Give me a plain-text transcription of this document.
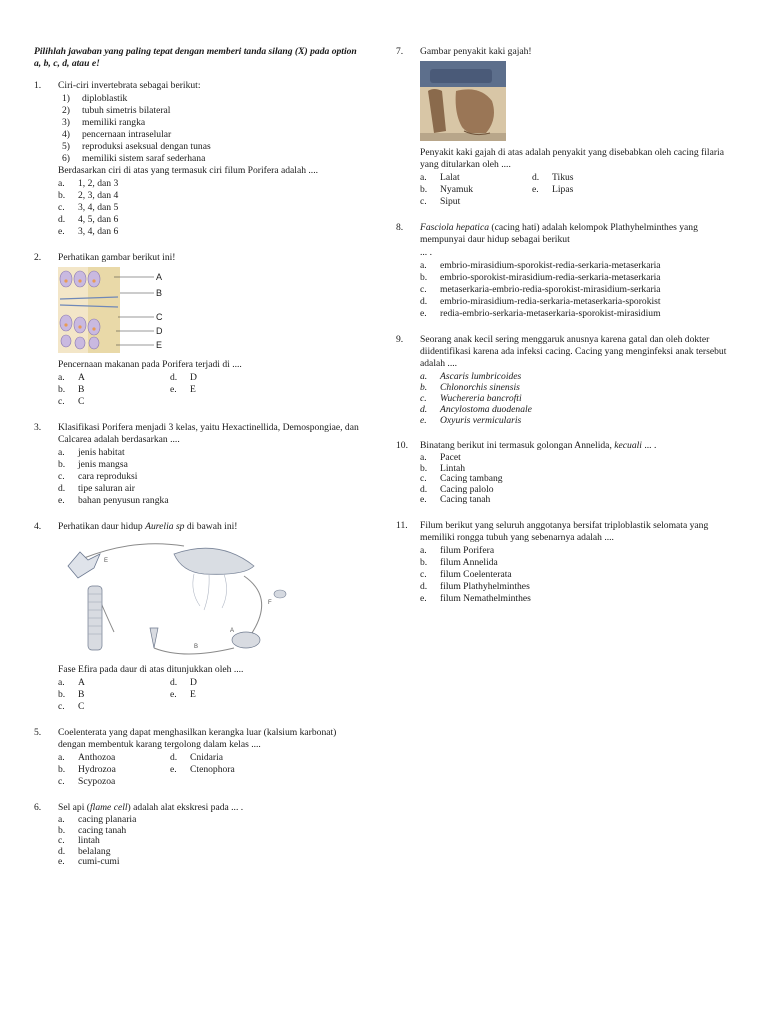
Pilihlah jawaban yang paling tepat dengan memberi tanda silang (X) pada option a, b, c, d, atau e!
1.	Ciri-ciri invertebrata sebagai berikut:
1)	diploblastik
2)	tubuh simetris bilateral
3)	memiliki rangka
4)	pencernaan intraselular
5)	reproduksi aseksual dengan tunas
6)	memiliki sistem saraf sederhana
Berdasarkan ciri di atas yang termasuk ciri filum Porifera adalah ....
a.	1, 2, dan 3
b.	2, 3, dan 4
c.	3, 4, dan 5
d.	4, 5, dan 6
e.	3, 4, dan 6
2.	Perhatikan gambar berikut ini!
A
B
C
D
E
Pencernaan makanan pada Porifera terjadi di ....
a.	A	d.	D
b.	B	e.	E
c.	C
3.	Klasifikasi Porifera menjadi 3 kelas, yaitu Hexactinellida, Demospongiae, dan Calcarea adalah berdasarkan ....
a.	jenis habitat
b.	jenis mangsa
c.	cara reproduksi
d.	tipe saluran air
e.	bahan penyusun rangka
4.	Perhatikan daur hidup Aurelia sp di bawah ini!
E
F
A
B
Fase Efira pada daur di atas ditunjukkan oleh ....
a.	A	d.	D
b.	B	e.	E
c.	C
5.	Coelenterata yang dapat menghasilkan kerangka luar (kalsium karbonat) dengan membentuk karang tergolong dalam kelas ....
a.	Anthozoa	d.	Cnidaria
b.	Hydrozoa	e.	Ctenophora
c.	Scypozoa
6.	Sel api (flame cell) adalah alat ekskresi pada ... .
a.	cacing planaria
b.	cacing tanah
c.	lintah
d.	belalang
e.	cumi-cumi
7.	Gambar penyakit kaki gajah!
Penyakit kaki gajah di atas adalah penyakit yang disebabkan oleh cacing filaria yang ditularkan oleh ....
a.	Lalat	d.	Tikus
b.	Nyamuk	e.	Lipas
c.	Siput
8.	Fasciola hepatica (cacing hati) adalah kelompok Plathyhelminthes yang mempunyai daur hidup sebagai berikut
... .
a.	embrio-mirasidium-sporokist-redia-serkaria-metaserkaria
b.	embrio-sporokist-mirasidium-redia-serkaria-metaserkaria
c.	metaserkaria-embrio-redia-sporokist-mirasidium-serkaria
d.	embrio-mirasidium-redia-serkaria-metaserkaria-sporokist
e.	redia-embrio-serkaria-metaserkaria-sporokist-mirasidium
9.	Seorang anak kecil sering menggaruk anusnya karena gatal dan oleh dokter diidentifikasi karena ada infeksi cacing. Cacing yang menginfeksi anak tersebut adalah ....
a.	Ascaris lumbricoides
b.	Chlonorchis sinensis
c.	Wuchereria bancrofti
d.	Ancylostoma duodenale
e.	Oxyuris vermicularis
10.	Binatang berikut ini termasuk golongan Annelida, kecuali ... .
a.	Pacet
b.	Lintah
c.	Cacing tambang
d.	Cacing palolo
e.	Cacing tanah
11.	Filum berikut yang seluruh anggotanya bersifat triploblastik selomata yang memiliki rongga tubuh yang sebenarnya adalah ....
a.	filum Porifera
b.	filum Annelida
c.	filum Coelenterata
d.	filum Plathyhelminthes
e.	filum Nemathelminthes
